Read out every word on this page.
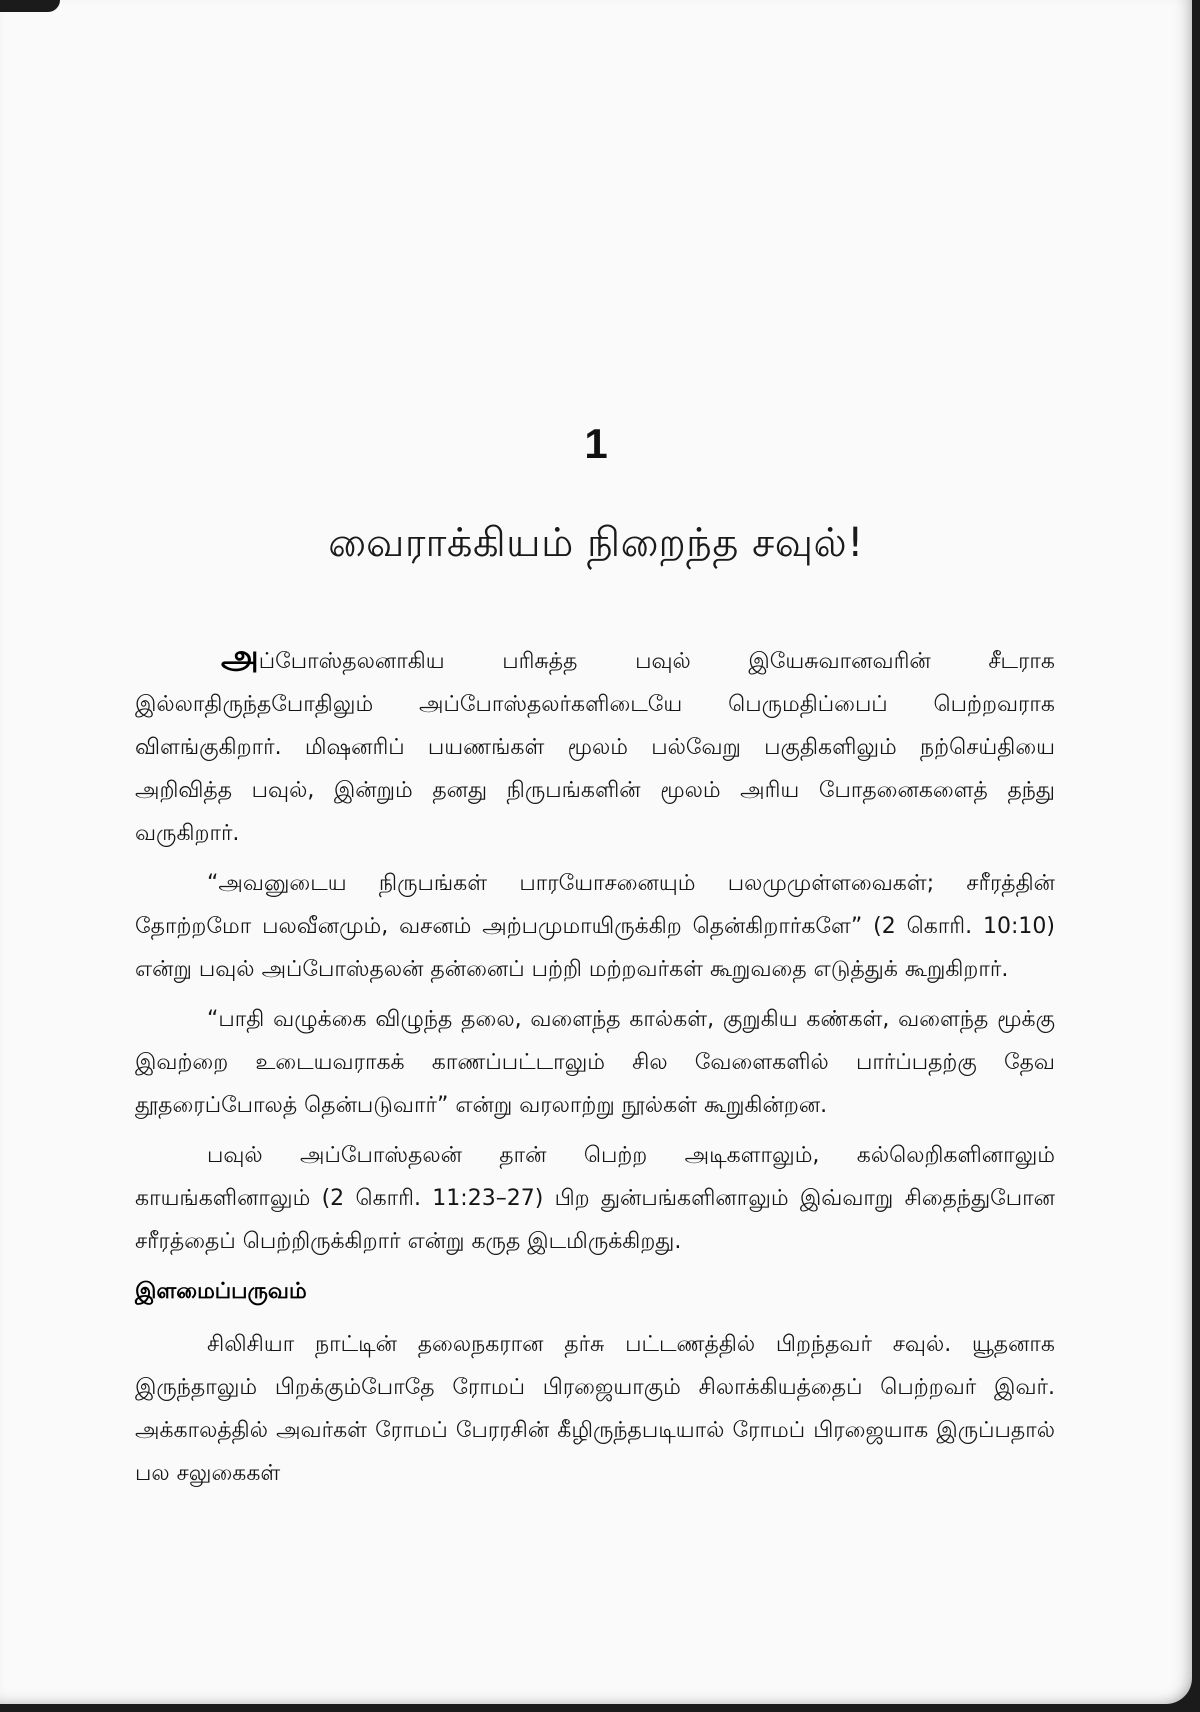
1
வைராக்கியம் நிறைந்த சவுல்!

அப்போஸ்தலனாகிய பரிசுத்த பவுல் இயேசுவானவரின் சீடராக இல்லாதிருந்தபோதிலும் அப்போஸ்தலர்களிடையே பெருமதிப்பைப் பெற்றவராக விளங்குகிறார். மிஷனரிப் பயணங்கள் மூலம் பல்வேறு பகுதிகளிலும் நற்செய்தியை அறிவித்த பவுல், இன்றும் தனது நிருபங்களின் மூலம் அரிய போதனைகளைத் தந்து வருகிறார்.

“அவனுடைய நிருபங்கள் பாரயோசனையும் பலமுமுள்ளவைகள்; சரீரத்தின் தோற்றமோ பலவீனமும், வசனம் அற்பமுமாயிருக்கிற தென்கிறார்களே” (2 கொரி. 10:10) என்று பவுல் அப்போஸ்தலன் தன்னைப் பற்றி மற்றவர்கள் கூறுவதை எடுத்துக் கூறுகிறார்.

“பாதி வழுக்கை விழுந்த தலை, வளைந்த கால்கள், குறுகிய கண்கள், வளைந்த மூக்கு இவற்றை உடையவராகக் காணப்பட்டாலும் சில வேளைகளில் பார்ப்பதற்கு தேவ தூதரைப்போலத் தென்படுவார்” என்று வரலாற்று நூல்கள் கூறுகின்றன.

பவுல் அப்போஸ்தலன் தான் பெற்ற அடிகளாலும், கல்லெறிகளினாலும் காயங்களினாலும் (2 கொரி. 11:23–27) பிற துன்பங்களினாலும் இவ்வாறு சிதைந்துபோன சரீரத்தைப் பெற்றிருக்கிறார் என்று கருத இடமிருக்கிறது.

இளமைப்பருவம்

சிலிசியா நாட்டின் தலைநகரான தர்சு பட்டணத்தில் பிறந்தவர் சவுல். யூதனாக இருந்தாலும் பிறக்கும்போதே ரோமப் பிரஜையாகும் சிலாக்கியத்தைப் பெற்றவர் இவர். அக்காலத்தில் அவர்கள் ரோமப் பேரரசின் கீழிருந்தபடியால் ரோமப் பிரஜையாக இருப்பதால் பல சலுகைகள்
